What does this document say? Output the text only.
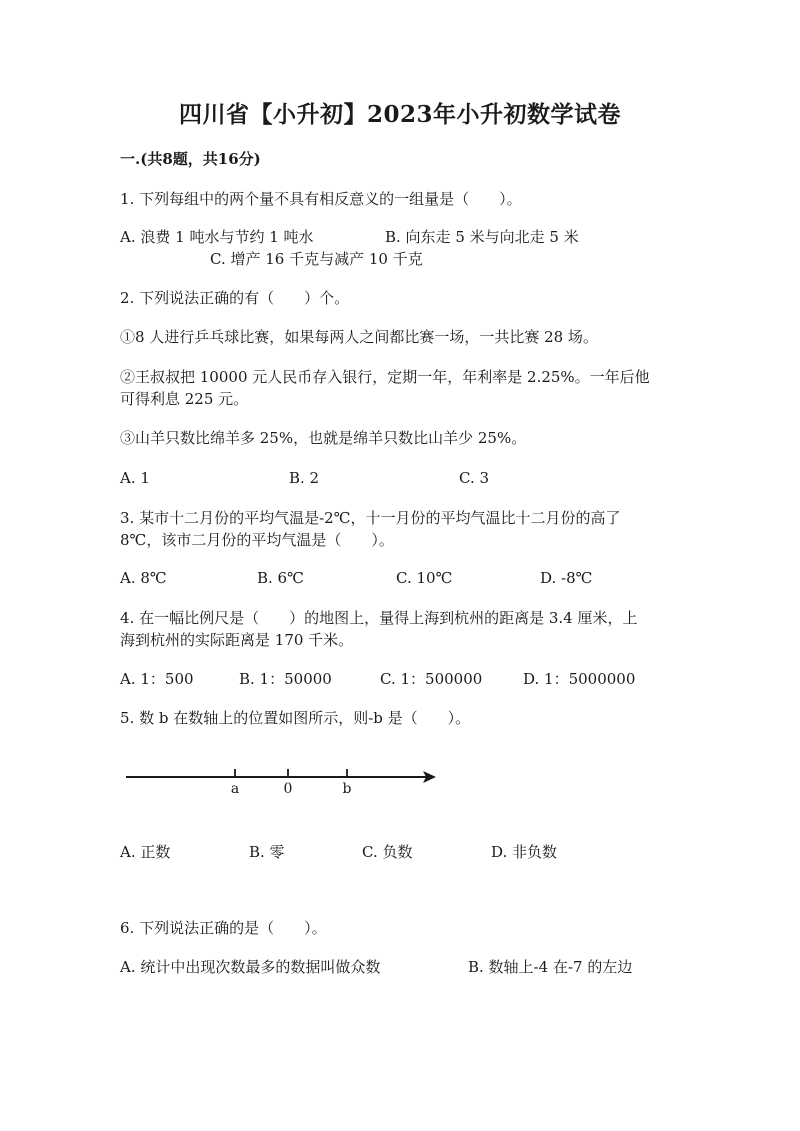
四川省【小升初】2023年小升初数学试卷
一.(共8题，共16分)
1. 下列每组中的两个量不具有相反意义的一组量是（　　）。
A. 浪费 1 吨水与节约 1 吨水	B. 向东走 5 米与向北走 5 米
C. 增产 16 千克与减产 10 千克
2. 下列说法正确的有（　　）个。
①8 人进行乒乓球比赛，如果每两人之间都比赛一场，一共比赛 28 场。
②王叔叔把 10000 元人民币存入银行，定期一年，年利率是 2.25%。一年后他
可得利息 225 元。
③山羊只数比绵羊多 25%，也就是绵羊只数比山羊少 25%。
A. 1	B. 2	C. 3
3. 某市十二月份的平均气温是-2℃，十一月份的平均气温比十二月份的高了
8℃，该市二月份的平均气温是（　　）。
A. 8℃	B. 6℃	C. 10℃	D. -8℃
4. 在一幅比例尺是（　　）的地图上，量得上海到杭州的距离是 3.4 厘米，上
海到杭州的实际距离是 170 千米。
A. 1：500	B. 1：50000	C. 1：500000	D. 1：5000000
5. 数 b 在数轴上的位置如图所示，则-b 是（　　）。
a	0	b
A. 正数	B. 零	C. 负数	D. 非负数
6. 下列说法正确的是（　　）。
A. 统计中出现次数最多的数据叫做众数	B. 数轴上-4 在-7 的左边
